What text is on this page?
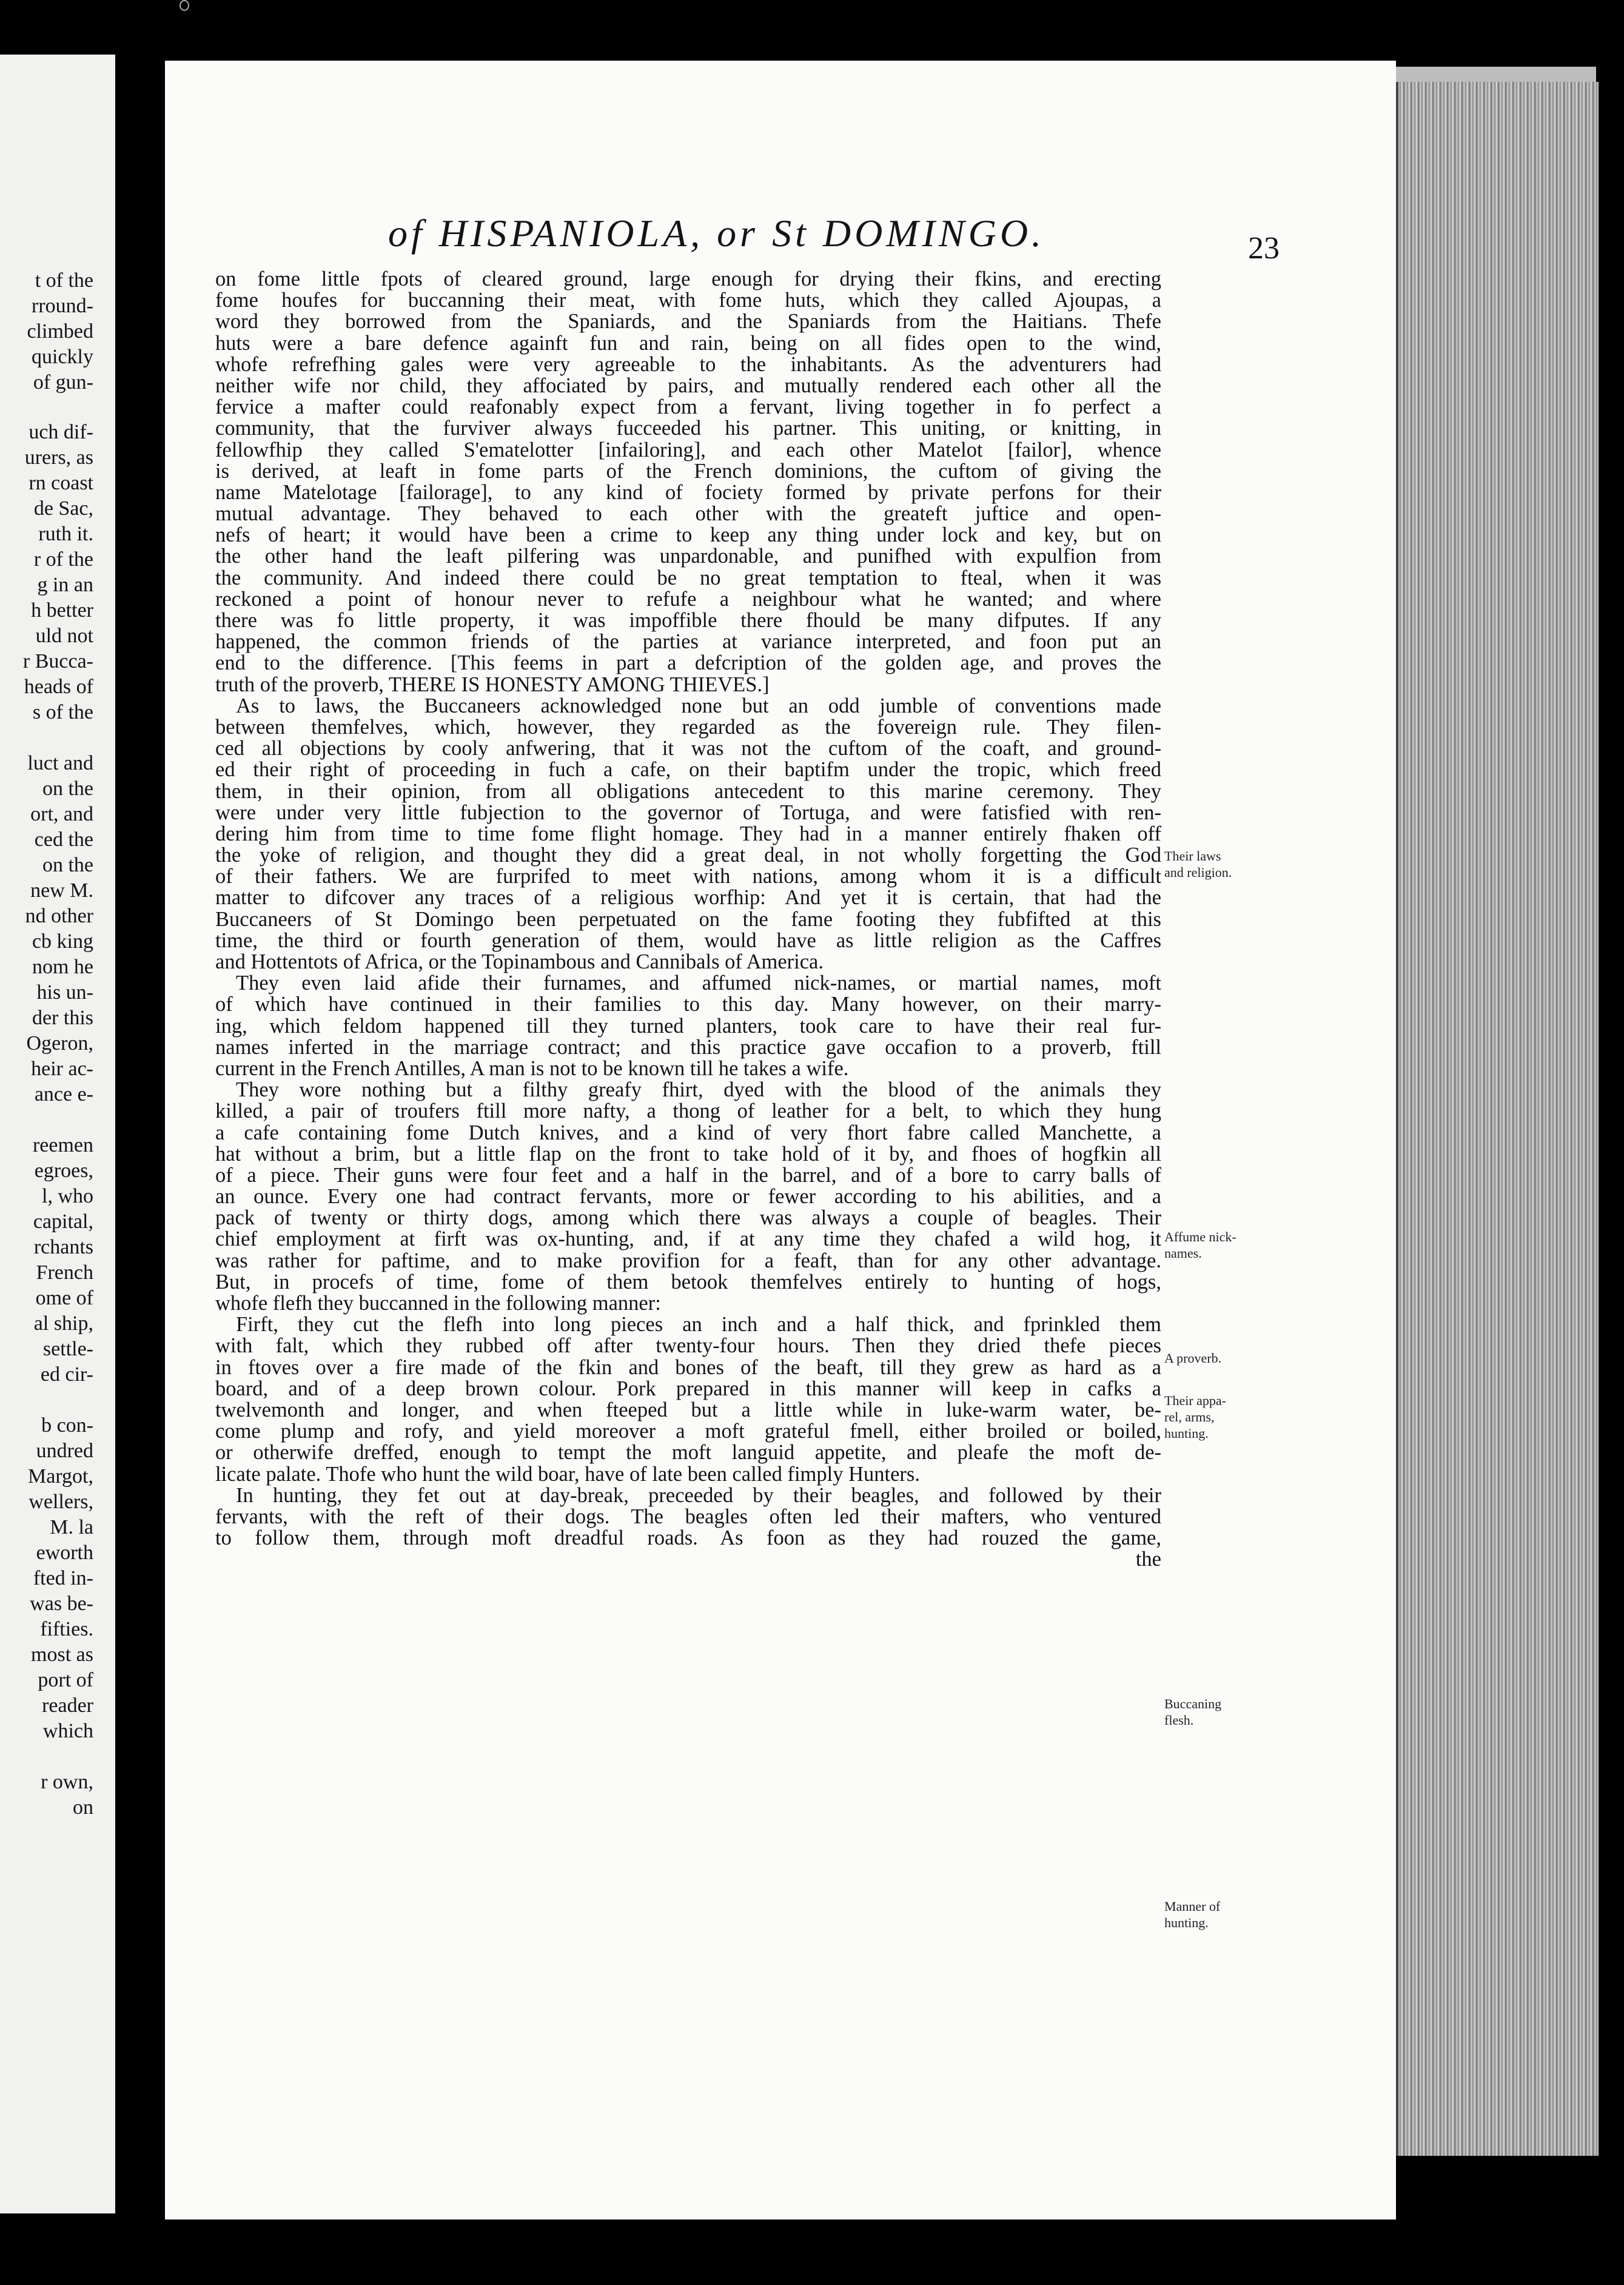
t of the
rround-
climbed
quickly
of gun-
uch dif-
urers, as
rn coast
de Sac,
ruth it.
r of the
g in an
h better
uld not
r Bucca-
heads of
s of the
luct and
on the
ort, and
ced the
on the
new M.
nd other
cb king
nom he
his un-
der this
Ogeron,
heir ac-
ance e-
reemen
egroes,
l, who
capital,
rchants
French
ome of
al ship,
settle-
ed cir-
b con-
undred
Margot,
wellers,
M. la
eworth
fted in-
was be-
fifties.
most as
port of
reader
which
r own,
on
of HISPANIOLA, or St DOMINGO.	23
on fome little fpots of cleared ground, large enough for drying their fkins, and erecting
fome houfes for buccanning their meat, with fome huts, which they called Ajoupas, a
word they borrowed from the Spaniards, and the Spaniards from the Haitians. Thefe
huts were a bare defence againft fun and rain, being on all fides open to the wind,
whofe refrefhing gales were very agreeable to the inhabitants. As the adventurers had
neither wife nor child, they affociated by pairs, and mutually rendered each other all the
fervice a mafter could reafonably expect from a fervant, living together in fo perfect a
community, that the furviver always fucceeded his partner. This uniting, or knitting, in
fellowfhip they called S'ematelotter [infailoring], and each other Matelot [failor], whence
is derived, at leaft in fome parts of the French dominions, the cuftom of giving the
name Matelotage [failorage], to any kind of fociety formed by private perfons for their
mutual advantage. They behaved to each other with the greateft juftice and open-
nefs of heart; it would have been a crime to keep any thing under lock and key, but on
the other hand the leaft pilfering was unpardonable, and punifhed with expulfion from
the community. And indeed there could be no great temptation to fteal, when it was
reckoned a point of honour never to refufe a neighbour what he wanted; and where
there was fo little property, it was impoffible there fhould be many difputes. If any
happened, the common friends of the parties at variance interpreted, and foon put an
end to the difference. [This feems in part a defcription of the golden age, and proves the
truth of the proverb, THERE IS HONESTY AMONG THIEVES.]
As to laws, the Buccaneers acknowledged none but an odd jumble of conventions made
between themfelves, which, however, they regarded as the fovereign rule. They filen-
ced all objections by cooly anfwering, that it was not the cuftom of the coaft, and ground-
ed their right of proceeding in fuch a cafe, on their baptifm under the tropic, which freed
them, in their opinion, from all obligations antecedent to this marine ceremony. They
were under very little fubjection to the governor of Tortuga, and were fatisfied with ren-
dering him from time to time fome flight homage. They had in a manner entirely fhaken off
the yoke of religion, and thought they did a great deal, in not wholly forgetting the God
of their fathers. We are furprifed to meet with nations, among whom it is a difficult
matter to difcover any traces of a religious worfhip: And yet it is certain, that had the
Buccaneers of St Domingo been perpetuated on the fame footing they fubfifted at this
time, the third or fourth generation of them, would have as little religion as the Caffres
and Hottentots of Africa, or the Topinambous and Cannibals of America.
They even laid afide their furnames, and affumed nick-names, or martial names, moft
of which have continued in their families to this day. Many however, on their marry-
ing, which feldom happened till they turned planters, took care to have their real fur-
names inferted in the marriage contract; and this practice gave occafion to a proverb, ftill
current in the French Antilles, A man is not to be known till he takes a wife.
They wore nothing but a filthy greafy fhirt, dyed with the blood of the animals they
killed, a pair of troufers ftill more nafty, a thong of leather for a belt, to which they hung
a cafe containing fome Dutch knives, and a kind of very fhort fabre called Manchette, a
hat without a brim, but a little flap on the front to take hold of it by, and fhoes of hogfkin all
of a piece. Their guns were four feet and a half in the barrel, and of a bore to carry balls of
an ounce. Every one had contract fervants, more or fewer according to his abilities, and a
pack of twenty or thirty dogs, among which there was always a couple of beagles. Their
chief employment at firft was ox-hunting, and, if at any time they chafed a wild hog, it
was rather for paftime, and to make provifion for a feaft, than for any other advantage.
But, in procefs of time, fome of them betook themfelves entirely to hunting of hogs,
whofe flefh they buccanned in the following manner:
Firft, they cut the flefh into long pieces an inch and a half thick, and fprinkled them
with falt, which they rubbed off after twenty-four hours. Then they dried thefe pieces
in ftoves over a fire made of the fkin and bones of the beaft, till they grew as hard as a
board, and of a deep brown colour. Pork prepared in this manner will keep in cafks a
twelvemonth and longer, and when fteeped but a little while in luke-warm water, be-
come plump and rofy, and yield moreover a moft grateful fmell, either broiled or boiled,
or otherwife dreffed, enough to tempt the moft languid appetite, and pleafe the moft de-
licate palate. Thofe who hunt the wild boar, have of late been called fimply Hunters.
In hunting, they fet out at day-break, preceeded by their beagles, and followed by their
fervants, with the reft of their dogs. The beagles often led their mafters, who ventured
to follow them, through moft dreadful roads. As foon as they had rouzed the game,
the
Their laws
and religion.
Affume nick-
names.
A proverb.
Their appa-
rel, arms,
hunting.
Buccaning
flesh.
Manner of
hunting.
